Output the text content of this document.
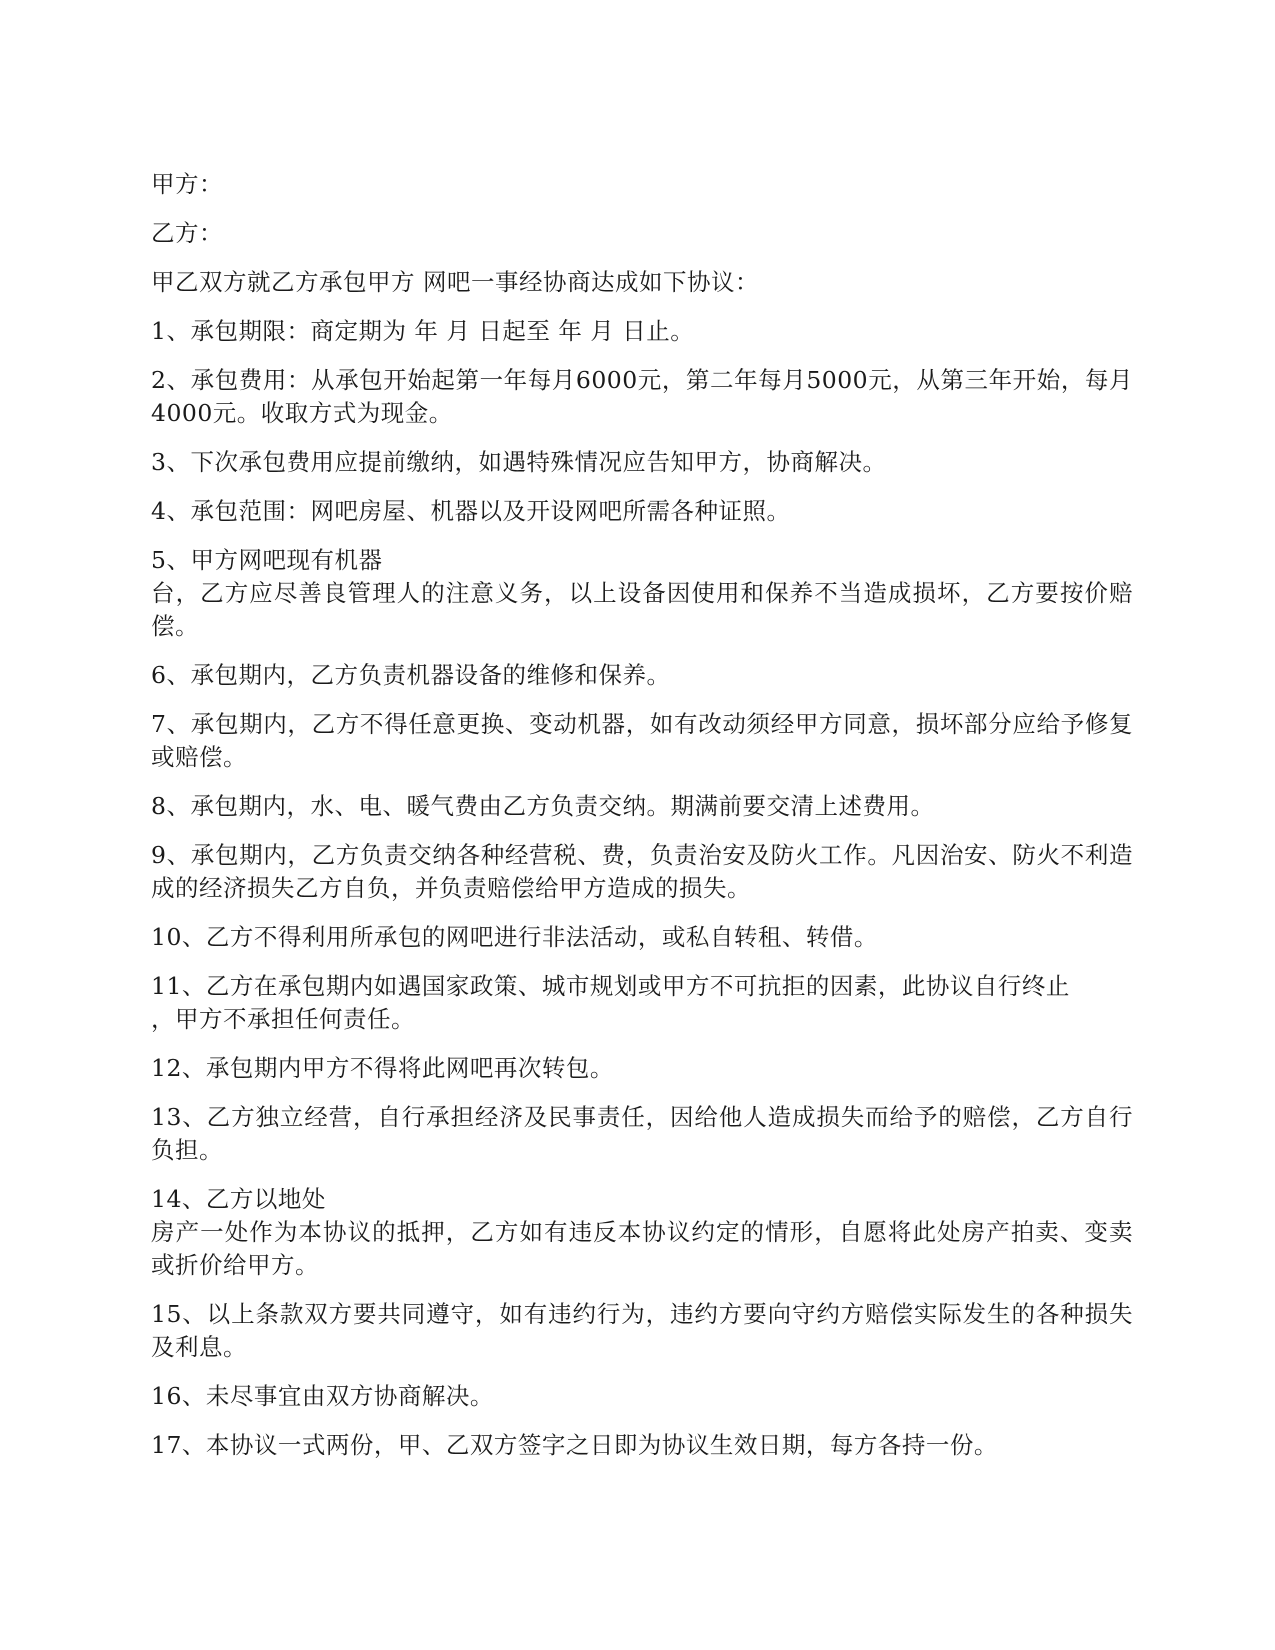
甲方：

乙方：

甲乙双方就乙方承包甲方 网吧一事经协商达成如下协议：

1、承包期限：商定期为 年 月 日起至 年 月 日止。

2、承包费用：从承包开始起第一年每月6000元，第二年每月5000元，从第三年开始，每月4000元。收取方式为现金。

3、下次承包费用应提前缴纳，如遇特殊情况应告知甲方，协商解决。

4、承包范围：网吧房屋、机器以及开设网吧所需各种证照。

5、甲方网吧现有机器
台，乙方应尽善良管理人的注意义务，以上设备因使用和保养不当造成损坏，乙方要按价赔偿。

6、承包期内，乙方负责机器设备的维修和保养。

7、承包期内，乙方不得任意更换、变动机器，如有改动须经甲方同意，损坏部分应给予修复或赔偿。

8、承包期内，水、电、暖气费由乙方负责交纳。期满前要交清上述费用。

9、承包期内，乙方负责交纳各种经营税、费，负责治安及防火工作。凡因治安、防火不利造成的经济损失乙方自负，并负责赔偿给甲方造成的损失。

10、乙方不得利用所承包的网吧进行非法活动，或私自转租、转借。

11、乙方在承包期内如遇国家政策、城市规划或甲方不可抗拒的因素，此协议自行终止
，甲方不承担任何责任。

12、承包期内甲方不得将此网吧再次转包。

13、乙方独立经营，自行承担经济及民事责任，因给他人造成损失而给予的赔偿，乙方自行负担。

14、乙方以地处
房产一处作为本协议的抵押，乙方如有违反本协议约定的情形，自愿将此处房产拍卖、变卖或折价给甲方。

15、以上条款双方要共同遵守，如有违约行为，违约方要向守约方赔偿实际发生的各种损失及利息。

16、未尽事宜由双方协商解决。

17、本协议一式两份，甲、乙双方签字之日即为协议生效日期，每方各持一份。
